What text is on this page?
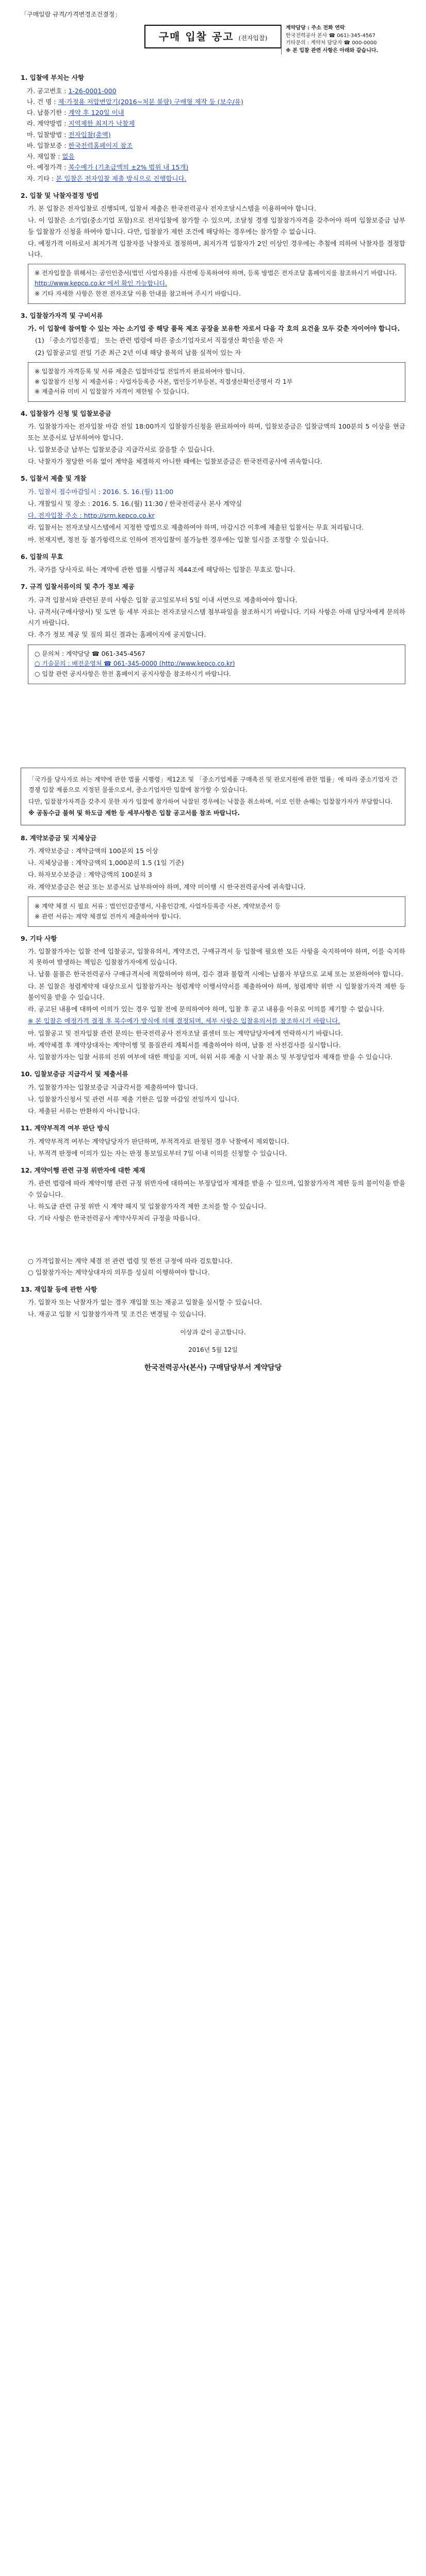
「구매일람 규격/가격변경조건결정」
구매 입찰 공고 (전자입찰)
계약담당 : 주소 전화 연락
한국전력공사 본사 ☎ 061)-345-4567
기타문의 : 계약처 담당자 ☎ 000-0000
※ 본 입찰 관련 사항은 아래와 같습니다.
1. 입찰에 부치는 사항
가. 공고번호 : 1-26-0001-000
나. 건 명 : 제·가정용 저압변압기(2016~처분 불량) 구매형 제작 등 (보수/유)
다. 납품기한 : 계약 후 120일 이내
라. 계약방법 : 지역제한 최저가 낙찰제
마. 입찰방법 : 전자입찰(총액)
바. 입찰보증 : 한국전력홈페이지 참조
사. 재입찰 : 없음
아. 예정가격 : 복수예가 (기초금액의 ±2% 범위 내 15개)
자. 기타 : 본 입찰은 전자입찰 제출 방식으로 진행합니다.
2. 입찰 및 낙찰자결정 방법
가. 본 입찰은 전자입찰로 진행되며, 입찰서 제출은 한국전력공사 전자조달시스템을 이용하여야 합니다.
나. 이 입찰은 소기업(중소기업 포함)으로 전자입찰에 참가할 수 있으며, 조달청 경쟁 입찰참가자격을 갖추어야 하며 입찰보증금 납부 등 입찰참가 신청을 하여야 합니다. 다만, 입찰참가 제한 조건에 해당하는 경우에는 참가할 수 없습니다.
다. 예정가격 이하로서 최저가격 입찰자를 낙찰자로 결정하며, 최저가격 입찰자가 2인 이상인 경우에는 추첨에 의하여 낙찰자를 결정합니다.
※ 전자입찰을 위해서는 공인인증서(법인 사업자용)를 사전에 등록하여야 하며, 등록 방법은 전자조달 홈페이지를 참조하시기 바랍니다.
http://www.kepco.co.kr 에서 확인 가능합니다.
※ 기타 자세한 사항은 한전 전자조달 이용 안내를 참고하여 주시기 바랍니다.
3. 입찰참가자격 및 구비서류
가. 이 입찰에 참여할 수 있는 자는 소기업 중 해당 품목 제조 공장을 보유한 자로서 다음 각 호의 요건을 모두 갖춘 자이어야 합니다.
(1) 「중소기업진흥법」 또는 관련 법령에 따른 중소기업자로서 직접생산 확인을 받은 자
(2) 입찰공고일 전일 기준 최근 2년 이내 해당 품목의 납품 실적이 있는 자
※ 입찰참가 자격등록 및 서류 제출은 입찰마감일 전일까지 완료하여야 합니다.
※ 입찰참가 신청 시 제출서류 : 사업자등록증 사본, 법인등기부등본, 직접생산확인증명서 각 1부
※ 제출서류 미비 시 입찰참가 자격이 제한될 수 있습니다.
4. 입찰참가 신청 및 입찰보증금
가. 입찰참가자는 전자입찰 마감 전일 18:00까지 입찰참가신청을 완료하여야 하며, 입찰보증금은 입찰금액의 100분의 5 이상을 현금 또는 보증서로 납부하여야 합니다.
나. 입찰보증금 납부는 입찰보증금 지급각서로 갈음할 수 있습니다.
다. 낙찰자가 정당한 이유 없이 계약을 체결하지 아니한 때에는 입찰보증금은 한국전력공사에 귀속합니다.
5. 입찰서 제출 및 개찰
가. 입찰서 접수마감일시 : 2016. 5. 16.(월) 11:00
나. 개찰일시 및 장소 : 2016. 5. 16.(월) 11:30 / 한국전력공사 본사 계약실
다. 전자입찰 주소 : http://srm.kepco.co.kr
라. 입찰서는 전자조달시스템에서 지정한 방법으로 제출하여야 하며, 마감시간 이후에 제출된 입찰서는 무효 처리됩니다.
마. 천재지변, 정전 등 불가항력으로 인하여 전자입찰이 불가능한 경우에는 입찰 일시를 조정할 수 있습니다.
6. 입찰의 무효
가. 국가를 당사자로 하는 계약에 관한 법률 시행규칙 제44조에 해당하는 입찰은 무효로 합니다.
7. 규격 입찰서류이의 및 추가 정보 제공
가. 규격 입찰서와 관련된 문의 사항은 입찰 공고일로부터 5일 이내 서면으로 제출하여야 합니다.
나. 규격서(구매사양서) 및 도면 등 세부 자료는 전자조달시스템 첨부파일을 참조하시기 바랍니다. 기타 사항은 아래 담당자에게 문의하시기 바랍니다.
다. 추가 정보 제공 및 질의 회신 결과는 홈페이지에 공지합니다.
○ 문의처 : 계약담당 ☎ 061-345-4567
○ 기술문의 : 배전운영처 ☎ 061-345-0000 (http://www.kepco.co.kr)
○ 입찰 관련 공지사항은 한전 홈페이지 공지사항을 참조하시기 바랍니다.
「국가를 당사자로 하는 계약에 관한 법률 시행령」제12조 및 「중소기업제품 구매촉진 및 판로지원에 관한 법률」에 따라 중소기업자 간 경쟁 입찰 제품으로 지정된 물품으로서, 중소기업자만 입찰에 참가할 수 있습니다.
다만, 입찰참가자격을 갖추지 못한 자가 입찰에 참가하여 낙찰된 경우에는 낙찰을 취소하며, 이로 인한 손해는 입찰참가자가 부담합니다.
※ 공동수급 불허 및 하도급 제한 등 세부사항은 입찰 공고서를 참조 바랍니다.
8. 계약보증금 및 지체상금
가. 계약보증금 : 계약금액의 100분의 15 이상
나. 지체상금률 : 계약금액의 1,000분의 1.5 (1일 기준)
다. 하자보수보증금 : 계약금액의 100분의 3
라. 계약보증금은 현금 또는 보증서로 납부하여야 하며, 계약 미이행 시 한국전력공사에 귀속합니다.
※ 계약 체결 시 필요 서류 : 법인인감증명서, 사용인감계, 사업자등록증 사본, 계약보증서 등
※ 관련 서류는 계약 체결일 전까지 제출하여야 합니다.
9. 기타 사항
가. 입찰참가자는 입찰 전에 입찰공고, 입찰유의서, 계약조건, 구매규격서 등 입찰에 필요한 모든 사항을 숙지하여야 하며, 이를 숙지하지 못하여 발생하는 책임은 입찰참가자에게 있습니다.
나. 납품 물품은 한국전력공사 구매규격서에 적합하여야 하며, 검수 결과 불합격 시에는 납품자 부담으로 교체 또는 보완하여야 합니다.
다. 본 입찰은 청렴계약제 대상으로서 입찰참가자는 청렴계약 이행서약서를 제출하여야 하며, 청렴계약 위반 시 입찰참가자격 제한 등 불이익을 받을 수 있습니다.
라. 공고된 내용에 대하여 이의가 있는 경우 입찰 전에 문의하여야 하며, 입찰 후 공고 내용을 이유로 이의를 제기할 수 없습니다.
※ 본 입찰은 예정가격 결정 후 복수예가 방식에 의해 결정되며, 세부 사항은 입찰유의서를 참조하시기 바랍니다.
마. 입찰공고 및 전자입찰 관련 문의는 한국전력공사 전자조달 콜센터 또는 계약담당자에게 연락하시기 바랍니다.
바. 계약체결 후 계약상대자는 계약이행 및 품질관리 계획서를 제출하여야 하며, 납품 전 사전검사를 실시합니다.
사. 입찰참가자는 입찰 서류의 진위 여부에 대한 책임을 지며, 허위 서류 제출 시 낙찰 취소 및 부정당업자 제재를 받을 수 있습니다.
10. 입찰보증금 지급각서 및 제출서류
가. 입찰참가자는 입찰보증금 지급각서를 제출하여야 합니다.
나. 입찰참가신청서 및 관련 서류 제출 기한은 입찰 마감일 전일까지 입니다.
다. 제출된 서류는 반환하지 아니합니다.
11. 계약부적격 여부 판단 방식
가. 계약부적격 여부는 계약담당자가 판단하며, 부적격자로 판정된 경우 낙찰에서 제외합니다.
나. 부적격 판정에 이의가 있는 자는 판정 통보일로부터 7일 이내 이의를 신청할 수 있습니다.
12. 계약이행 관련 규정 위반자에 대한 제재
가. 관련 법령에 따라 계약이행 관련 규정 위반자에 대하여는 부정당업자 제재를 받을 수 있으며, 입찰참가자격 제한 등의 불이익을 받을 수 있습니다.
나. 하도급 관련 규정 위반 시 계약 해지 및 입찰참가자격 제한 조치를 할 수 있습니다.
다. 기타 사항은 한국전력공사 계약사무처리 규정을 따릅니다.
○ 가격입찰서는 계약 체결 전 관련 법령 및 한전 규정에 따라 검토합니다.
○ 입찰참가자는 계약상대자의 의무를 성실히 이행하여야 합니다.
13. 재입찰 등에 관한 사항
가. 입찰자 또는 낙찰자가 없는 경우 재입찰 또는 재공고 입찰을 실시할 수 있습니다.
나. 재공고 입찰 시 입찰참가자격 및 조건은 변경될 수 있습니다.
이상과 같이 공고합니다.
2016년 5월 12일
한국전력공사(본사) 구매담당부서 계약담당
